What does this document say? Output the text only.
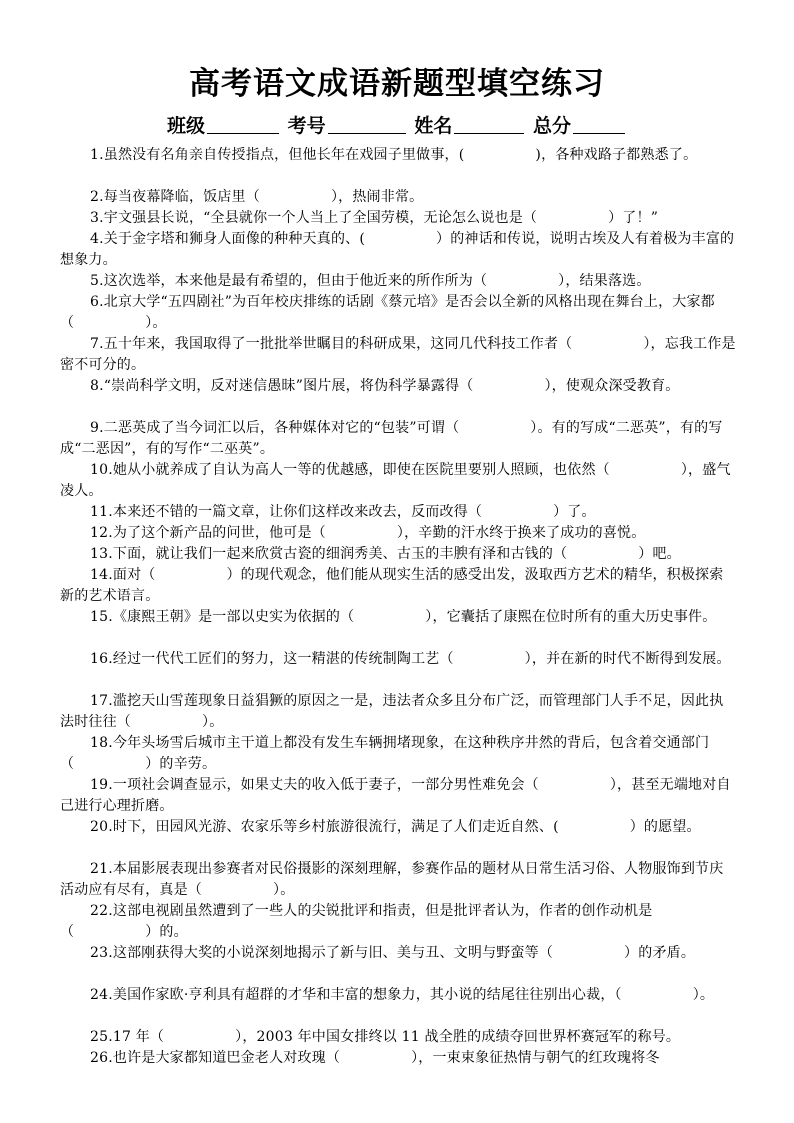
高考语文成语新题型填空练习
班级	考号	姓名	总分
1.虽然没有名角亲自传授指点，但他长年在戏园子里做事，(　　　　　)，各种戏路子都熟悉了。
2.每当夜幕降临，饭店里（　　　　　），热闹非常。
3.宇文强县长说，“全县就你一个人当上了全国劳模，无论怎么说也是（　　　　　）了！”
4.关于金字塔和狮身人面像的种种天真的、(　　　　　）的神话和传说，说明古埃及人有着极为丰富的想象力。
5.这次选举，本来他是最有希望的，但由于他近来的所作所为（　　　　　），结果落选。
6.北京大学“五四剧社”为百年校庆排练的话剧《蔡元培》是否会以全新的风格出现在舞台上，大家都（　　　　　）。
7.五十年来，我国取得了一批批举世瞩目的科研成果，这同几代科技工作者（　　　　　），忘我工作是密不可分的。
8.“崇尚科学文明，反对迷信愚昧”图片展，将伪科学暴露得（　　　　　），使观众深受教育。
9.二恶英成了当今词汇以后，各种媒体对它的“包装”可谓（　　　　　）。有的写成“二恶英”，有的写成“二恶因”，有的写作“二巫英”。
10.她从小就养成了自认为高人一等的优越感，即使在医院里要别人照顾，也依然（　　　　　），盛气凌人。
11.本来还不错的一篇文章，让你们这样改来改去，反而改得（　　　　　）了。
12.为了这个新产品的问世，他可是（　　　　　），辛勤的汗水终于换来了成功的喜悦。
13.下面，就让我们一起来欣赏古瓷的细润秀美、古玉的丰腴有泽和古钱的（　　　　　）吧。
14.面对（　　　　　）的现代观念，他们能从现实生活的感受出发，汲取西方艺术的精华，积极探索新的艺术语言。
15.《康熙王朝》是一部以史实为依据的（　　　　　），它囊括了康熙在位时所有的重大历史事件。
16.经过一代代工匠们的努力，这一精湛的传统制陶工艺（　　　　　），并在新的时代不断得到发展。
17.滥挖天山雪莲现象日益猖獗的原因之一是，违法者众多且分布广泛，而管理部门人手不足，因此执法时往往（　　　　　）。
18.今年头场雪后城市主干道上都没有发生车辆拥堵现象，在这种秩序井然的背后，包含着交通部门（　　　　　）的辛劳。
19.一项社会调查显示，如果丈夫的收入低于妻子，一部分男性难免会（　　　　　），甚至无端地对自己进行心理折磨。
20.时下，田园风光游、农家乐等乡村旅游很流行，满足了人们走近自然、(　　　　　）的愿望。
21.本届影展表现出参赛者对民俗摄影的深刻理解，参赛作品的题材从日常生活习俗、人物服饰到节庆活动应有尽有，真是（　　　　　）。
22.这部电视剧虽然遭到了一些人的尖锐批评和指责，但是批评者认为，作者的创作动机是（　　　　　）的。
23.这部刚获得大奖的小说深刻地揭示了新与旧、美与丑、文明与野蛮等（　　　　　）的矛盾。
24.美国作家欧·亨利具有超群的才华和丰富的想象力，其小说的结尾往往别出心裁，（　　　　　）。
25.17 年（　　　　　），2003 年中国女排终以 11 战全胜的成绩夺回世界杯赛冠军的称号。
26.也许是大家都知道巴金老人对玫瑰（　　　　　），一束束象征热情与朝气的红玫瑰将冬
